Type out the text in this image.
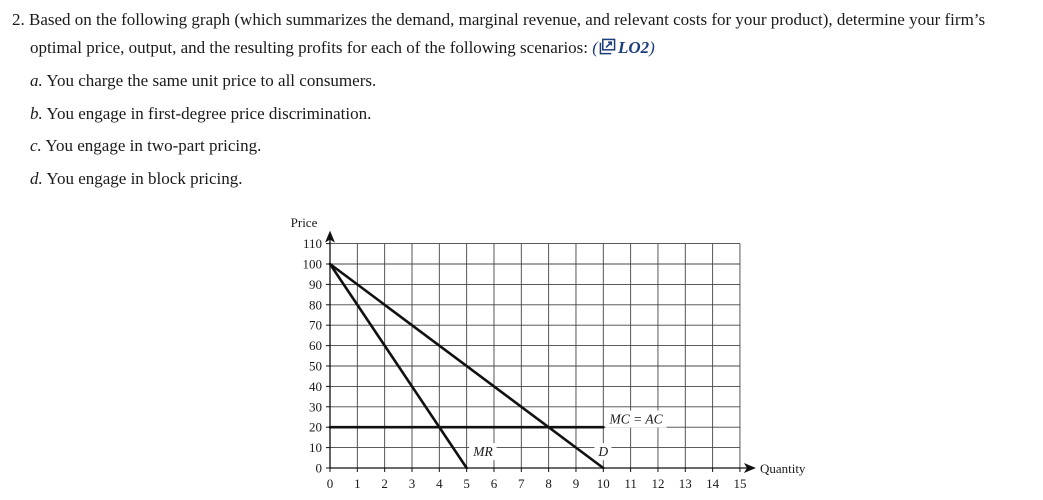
2. Based on the following graph (which summarizes the demand, marginal revenue, and relevant costs for your product), determine your firm’s optimal price, output, and the resulting profits for each of the following scenarios: ( LO2)
a. You charge the same unit price to all consumers.
b. You engage in first-degree price discrimination.
c. You engage in two-part pricing.
d. You engage in block pricing.
0
10
20
30
40
50
60
70
80
90
100
110
0 1 2 3 4 5 6 7 8 9 10 11 12 13 14 15
Price
Quantity
MR	D
MC = AC
